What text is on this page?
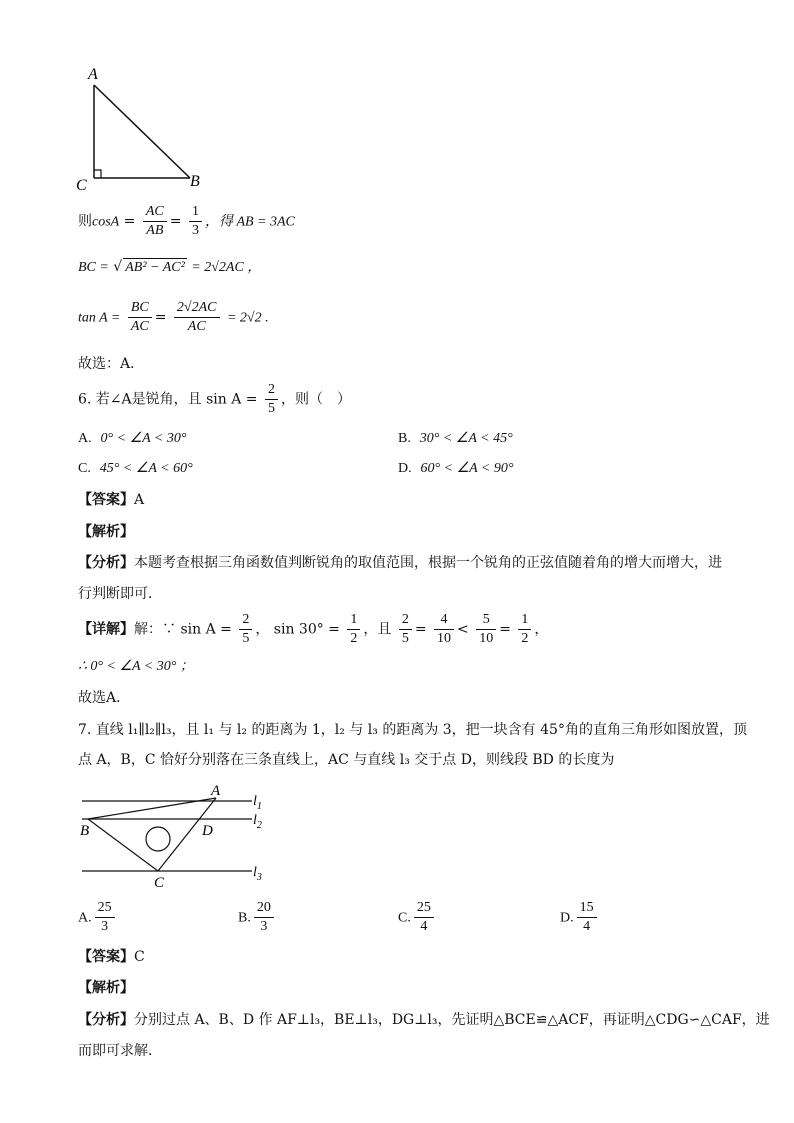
A
C	B
则$\cos A = \frac{AC}{AB} = \frac{1}{3}$ ，得 AB = 3AC
BC = √ AB² − AC² = 2√2AC ，
$\tan A = \frac{BC}{AC} = \frac{2√2AC}{AC} = 2√2$ .
故选：A．
6. 若∠A是锐角，且 $\sin A = \frac{2}{5}$ ，则（　）
A. 0° < ∠A < 30°	B. 30° < ∠A < 45°
C. 45° < ∠A < 60°	D. 60° < ∠A < 90°
【答案】A
【解析】
【分析】本题考查根据三角函数值判断锐角的取值范围，根据一个锐角的正弦值随着角的增大而增大，进
行判断即可．
【详解】解：∵ $\sin A = \frac{2}{5}$ ， $\sin 30^\circ = \frac{1}{2}$ ，且 $\frac{2}{5} = \frac{4}{10} < \frac{5}{10} = \frac{1}{2}$ ，
∴ 0° < ∠A < 30° ；
故选A．
7. 直线 l₁∥l₂∥l₃，且 l₁ 与 l₂ 的距离为 1，l₂ 与 l₃ 的距离为 3，把一块含有 45°角的直角三角形如图放置，顶
点 A，B，C 恰好分别落在三条直线上，AC 与直线 l₃ 交于点 D，则线段 BD 的长度为
A
B	D
C
$l_1$
$l_2$
$l_3$
A. $\frac{25}{3}$	B. $\frac{20}{3}$	C. $\frac{25}{4}$	D. $\frac{15}{4}$
【答案】C
【解析】
【分析】分别过点 A、B、D 作 AF⊥l₃，BE⊥l₃，DG⊥l₃，先证明△BCE≌△ACF，再证明△CDG∽△CAF，进
而即可求解．
